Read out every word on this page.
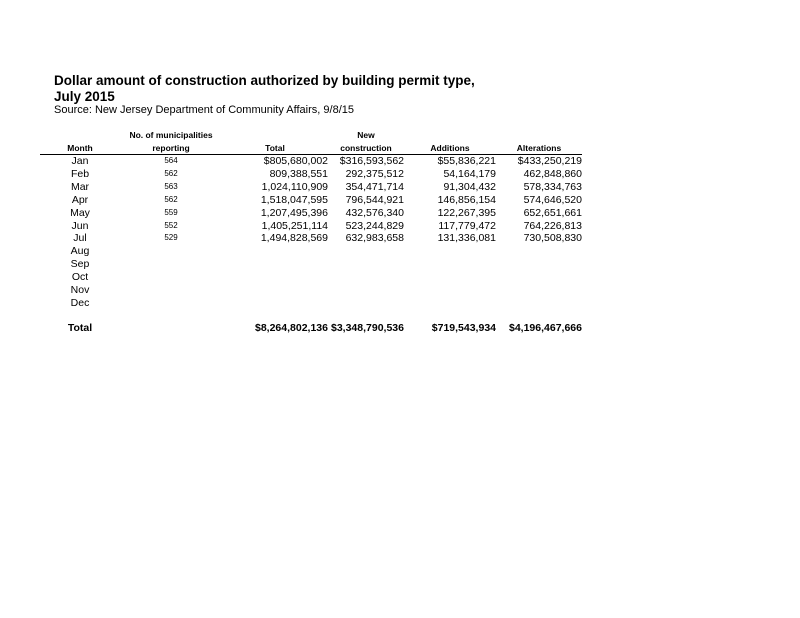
Dollar amount of construction authorized by building permit type,
July 2015
Source: New Jersey Department of Community Affairs, 9/8/15
	No. of municipalities		New		
Month	reporting	Total	construction	Additions	Alterations
Jan	564	$805,680,002	$316,593,562	$55,836,221	$433,250,219
Feb	562	809,388,551	292,375,512	54,164,179	462,848,860
Mar	563	1,024,110,909	354,471,714	91,304,432	578,334,763
Apr	562	1,518,047,595	796,544,921	146,856,154	574,646,520
May	559	1,207,495,396	432,576,340	122,267,395	652,651,661
Jun	552	1,405,251,114	523,244,829	117,779,472	764,226,813
Jul	529	1,494,828,569	632,983,658	131,336,081	730,508,830
Aug					
Sep					
Oct					
Nov					
Dec					

Total		$8,264,802,136	$3,348,790,536	$719,543,934	$4,196,467,666
